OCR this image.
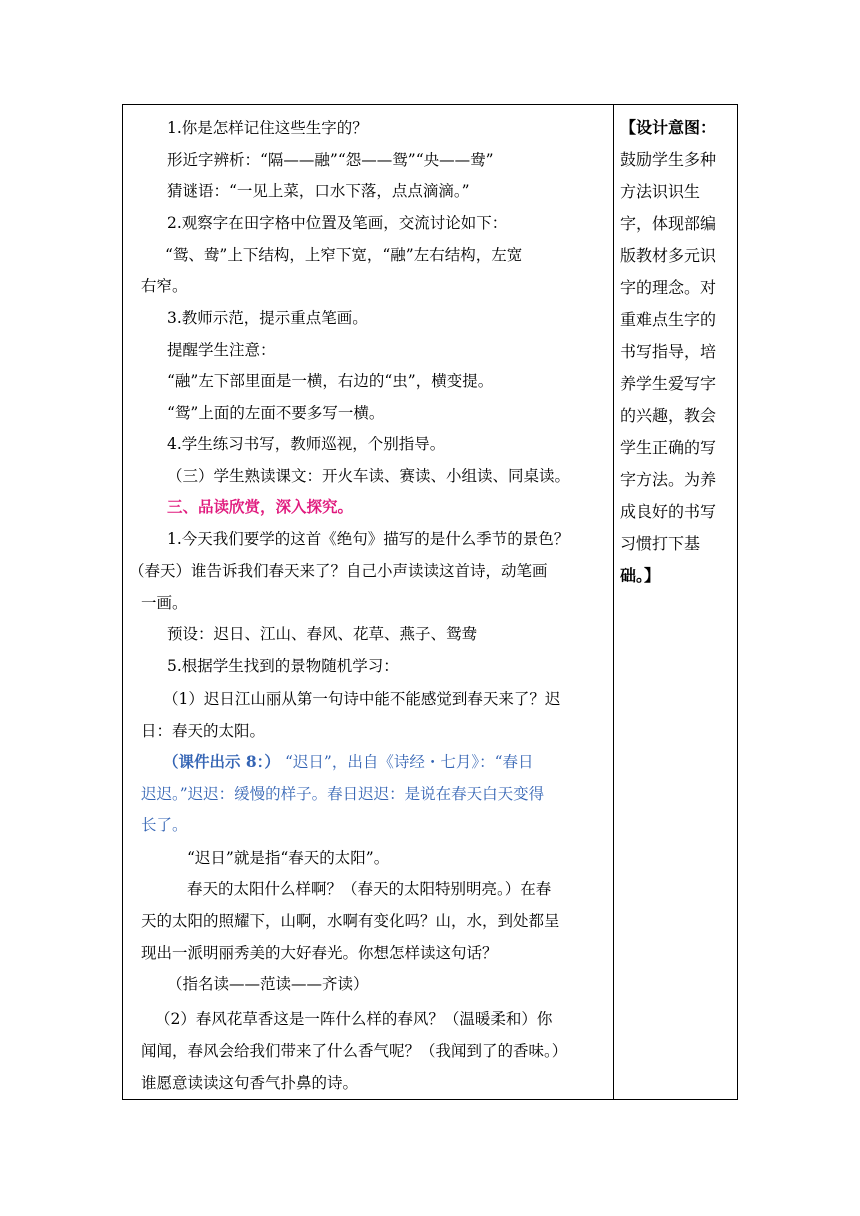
1.你是怎样记住这些生字的？
形近字辨析：“隔——融”“怨——鸳”“央——鸯”
猜谜语：“一见上菜，口水下落，点点滴滴。”
2.观察字在田字格中位置及笔画，交流讨论如下：
“鸳、鸯”上下结构，上窄下宽，“融”左右结构，左宽
右窄。
3.教师示范，提示重点笔画。
提醒学生注意：
“融”左下部里面是一横，右边的“虫”，横变提。
“鸳”上面的左面不要多写一横。
4.学生练习书写，教师巡视，个别指导。
（三）学生熟读课文：开火车读、赛读、小组读、同桌读。
三、品读欣赏，深入探究。
1.今天我们要学的这首《绝句》描写的是什么季节的景色？
（春天）谁告诉我们春天来了？自己小声读读这首诗，动笔画
一画。
预设：迟日、江山、春风、花草、燕子、鸳鸯
5.根据学生找到的景物随机学习：
（1）迟日江山丽从第一句诗中能不能感觉到春天来了？迟
日：春天的太阳。
（课件出示 8：） “迟日”，出自《诗经・七月》：“春日
迟迟。”迟迟：缓慢的样子。春日迟迟：是说在春天白天变得
长了。
“迟日”就是指“春天的太阳”。
春天的太阳什么样啊？（春天的太阳特别明亮。）在春
天的太阳的照耀下，山啊，水啊有变化吗？山，水，到处都呈
现出一派明丽秀美的大好春光。你想怎样读这句话？
（指名读——范读——齐读）
（2）春风花草香这是一阵什么样的春风？（温暖柔和）你
闻闻，春风会给我们带来了什么香气呢？（我闻到了的香味。）
谁愿意读读这句香气扑鼻的诗。
【设计意图：
鼓励学生多种
方法识识生
字，体现部编
版教材多元识
字的理念。对
重难点生字的
书写指导，培
养学生爱写字
的兴趣，教会
学生正确的写
字方法。为养
成良好的书写
习惯打下基
础。】
